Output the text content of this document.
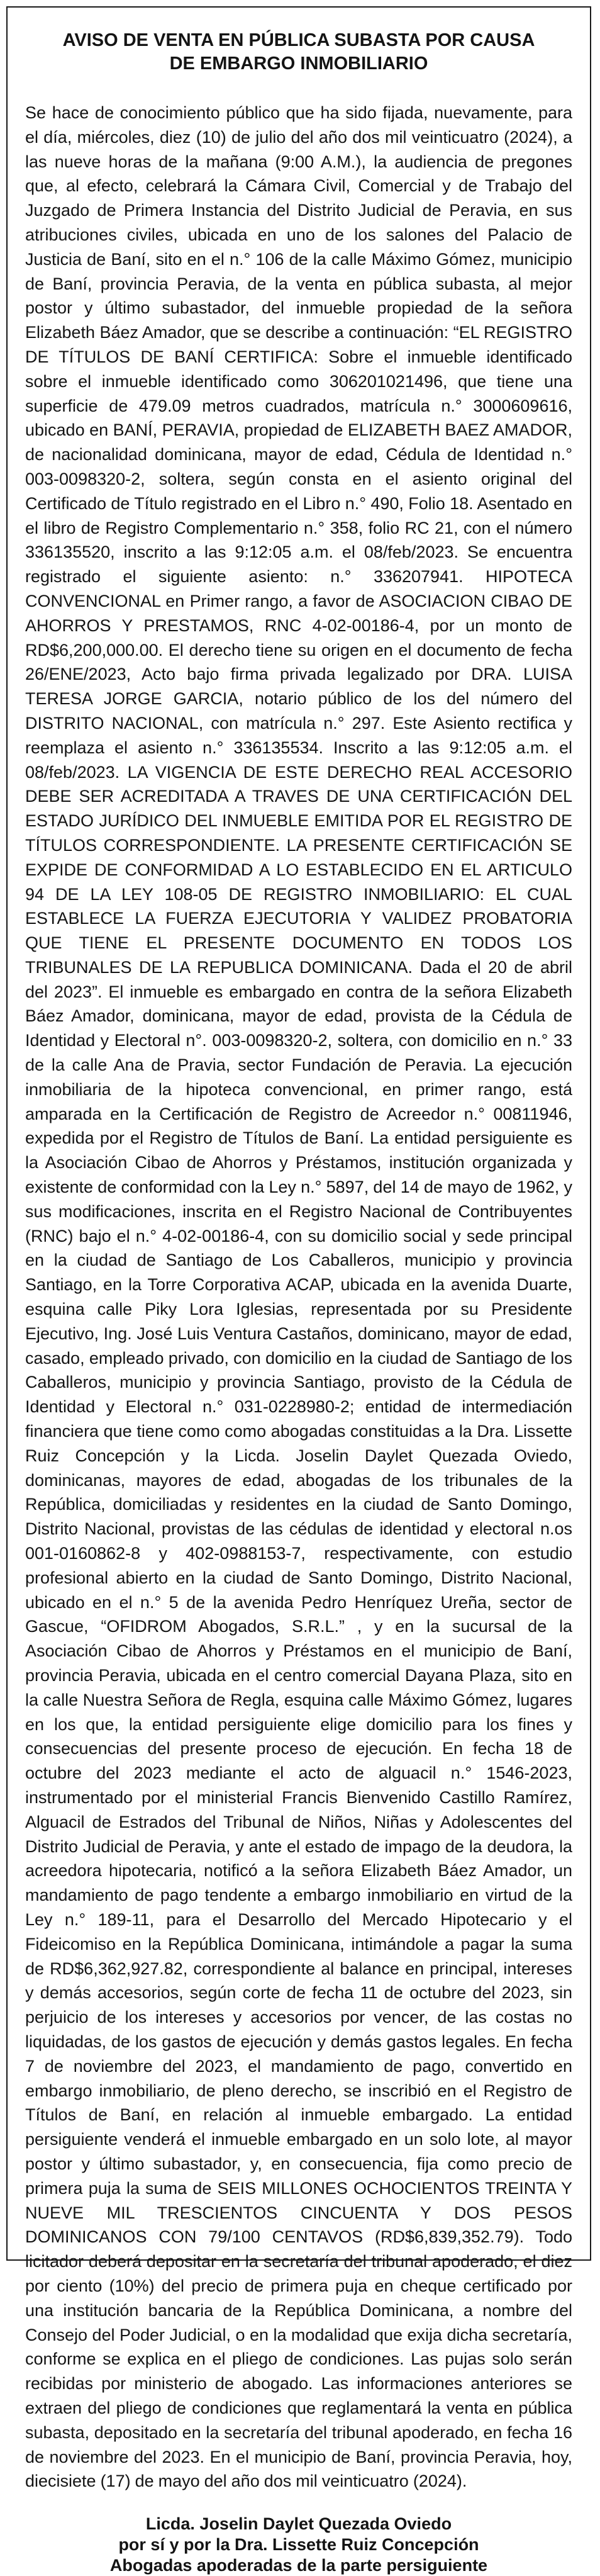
AVISO DE VENTA EN PÚBLICA SUBASTA POR CAUSA
DE EMBARGO INMOBILIARIO

Se hace de conocimiento público que ha sido fijada, nuevamente, para el día, miércoles, diez (10) de julio del año dos mil veinticuatro (2024), a las nueve horas de la mañana (9:00 A.M.), la audiencia de pregones que, al efecto, celebrará la Cámara Civil, Comercial y de Trabajo del Juzgado de Primera Instancia del Distrito Judicial de Peravia, en sus atribuciones civiles, ubicada en uno de los salones del Palacio de Justicia de Baní, sito en el n.° 106 de la calle Máximo Gómez, municipio de Baní, provincia Peravia, de la venta en pública subasta, al mejor postor y último subastador, del inmueble propiedad de la señora Elizabeth Báez Amador, que se describe a continuación: “EL REGISTRO DE TÍTULOS DE BANÍ CERTIFICA: Sobre el inmueble identificado sobre el inmueble identificado como 306201021496, que tiene una superficie de 479.09 metros cuadrados, matrícula n.° 3000609616, ubicado en BANÍ, PERAVIA, propiedad de ELIZABETH BAEZ AMADOR, de nacionalidad dominicana, mayor de edad, Cédula de Identidad n.° 003-0098320-2, soltera, según consta en el asiento original del Certificado de Título registrado en el Libro n.° 490, Folio 18. Asentado en el libro de Registro Complementario n.° 358, folio RC 21, con el número 336135520, inscrito a las 9:12:05 a.m. el 08/feb/2023. Se encuentra registrado el siguiente asiento: n.° 336207941. HIPOTECA CONVENCIONAL en Primer rango, a favor de ASOCIACION CIBAO DE AHORROS Y PRESTAMOS, RNC 4-02-00186-4, por un monto de RD$6,200,000.00. El derecho tiene su origen en el documento de fecha 26/ENE/2023, Acto bajo firma privada legalizado por DRA. LUISA TERESA JORGE GARCIA, notario público de los del número del DISTRITO NACIONAL, con matrícula n.° 297. Este Asiento rectifica y reemplaza el asiento n.° 336135534. Inscrito a las 9:12:05 a.m. el 08/feb/2023. LA VIGENCIA DE ESTE DERECHO REAL ACCESORIO DEBE SER ACREDITADA A TRAVES DE UNA CERTIFICACIÓN DEL ESTADO JURÍDICO DEL INMUEBLE EMITIDA POR EL REGISTRO DE TÍTULOS CORRESPONDIENTE. LA PRESENTE CERTIFICACIÓN SE EXPIDE DE CONFORMIDAD A LO ESTABLECIDO EN EL ARTICULO 94 DE LA LEY 108-05 DE REGISTRO INMOBILIARIO: EL CUAL ESTABLECE LA FUERZA EJECUTORIA Y VALIDEZ PROBATORIA QUE TIENE EL PRESENTE DOCUMENTO EN TODOS LOS TRIBUNALES DE LA REPUBLICA DOMINICANA. Dada el 20 de abril del 2023”. El inmueble es embargado en contra de la señora Elizabeth Báez Amador, dominicana, mayor de edad, provista de la Cédula de Identidad y Electoral n°. 003-0098320-2, soltera, con domicilio en n.° 33 de la calle Ana de Pravia, sector Fundación de Peravia. La ejecución inmobiliaria de la hipoteca convencional, en primer rango, está amparada en la Certificación de Registro de Acreedor n.° 00811946, expedida por el Registro de Títulos de Baní. La entidad persiguiente es la Asociación Cibao de Ahorros y Préstamos, institución organizada y existente de conformidad con la Ley n.° 5897, del 14 de mayo de 1962, y sus modificaciones, inscrita en el Registro Nacional de Contribuyentes (RNC) bajo el n.° 4-02-00186-4, con su domicilio social y sede principal en la ciudad de Santiago de Los Caballeros, municipio y provincia Santiago, en la Torre Corporativa ACAP, ubicada en la avenida Duarte, esquina calle Piky Lora Iglesias, representada por su Presidente Ejecutivo, Ing. José Luis Ventura Castaños, dominicano, mayor de edad, casado, empleado privado, con domicilio en la ciudad de Santiago de los Caballeros, municipio y provincia Santiago, provisto de la Cédula de Identidad y Electoral n.° 031-0228980-2; entidad de intermediación financiera que tiene como como abogadas constituidas a la Dra. Lissette Ruiz Concepción y la Licda. Joselin Daylet Quezada Oviedo, dominicanas, mayores de edad, abogadas de los tribunales de la República, domiciliadas y residentes en la ciudad de Santo Domingo, Distrito Nacional, provistas de las cédulas de identidad y electoral n.os 001-0160862-8 y 402-0988153-7, respectivamente, con estudio profesional abierto en la ciudad de Santo Domingo, Distrito Nacional, ubicado en el n.° 5 de la avenida Pedro Henríquez Ureña, sector de Gascue, “OFIDROM Abogados, S.R.L.” , y en la sucursal de la Asociación Cibao de Ahorros y Préstamos en el municipio de Baní, provincia Peravia, ubicada en el centro comercial Dayana Plaza, sito en la calle Nuestra Señora de Regla, esquina calle Máximo Gómez, lugares en los que, la entidad persiguiente elige domicilio para los fines y consecuencias del presente proceso de ejecución. En fecha 18 de octubre del 2023 mediante el acto de alguacil n.° 1546-2023, instrumentado por el ministerial Francis Bienvenido Castillo Ramírez, Alguacil de Estrados del Tribunal de Niños, Niñas y Adolescentes del Distrito Judicial de Peravia, y ante el estado de impago de la deudora, la acreedora hipotecaria, notificó a la señora Elizabeth Báez Amador, un mandamiento de pago tendente a embargo inmobiliario en virtud de la Ley n.° 189-11, para el Desarrollo del Mercado Hipotecario y el Fideicomiso en la República Dominicana, intimándole a pagar la suma de RD$6,362,927.82, correspondiente al balance en principal, intereses y demás accesorios, según corte de fecha 11 de octubre del 2023, sin perjuicio de los intereses y accesorios por vencer, de las costas no liquidadas, de los gastos de ejecución y demás gastos legales. En fecha 7 de noviembre del 2023, el mandamiento de pago, convertido en embargo inmobiliario, de pleno derecho, se inscribió en el Registro de Títulos de Baní, en relación al inmueble embargado. La entidad persiguiente venderá el inmueble embargado en un solo lote, al mayor postor y último subastador, y, en consecuencia, fija como precio de primera puja la suma de SEIS MILLONES OCHOCIENTOS TREINTA Y NUEVE MIL TRESCIENTOS CINCUENTA Y DOS PESOS DOMINICANOS CON 79/100 CENTAVOS (RD$6,839,352.79). Todo licitador deberá depositar en la secretaría del tribunal apoderado, el diez por ciento (10%) del precio de primera puja en cheque certificado por una institución bancaria de la República Dominicana, a nombre del Consejo del Poder Judicial, o en la modalidad que exija dicha secretaría, conforme se explica en el pliego de condiciones. Las pujas solo serán recibidas por ministerio de abogado. Las informaciones anteriores se extraen del pliego de condiciones que reglamentará la venta en pública subasta, depositado en la secretaría del tribunal apoderado, en fecha 16 de noviembre del 2023. En el municipio de Baní, provincia Peravia, hoy, diecisiete (17) de mayo del año dos mil veinticuatro (2024).

Licda. Joselin Daylet Quezada Oviedo
por sí y por la Dra. Lissette Ruiz Concepción
Abogadas apoderadas de la parte persiguiente
